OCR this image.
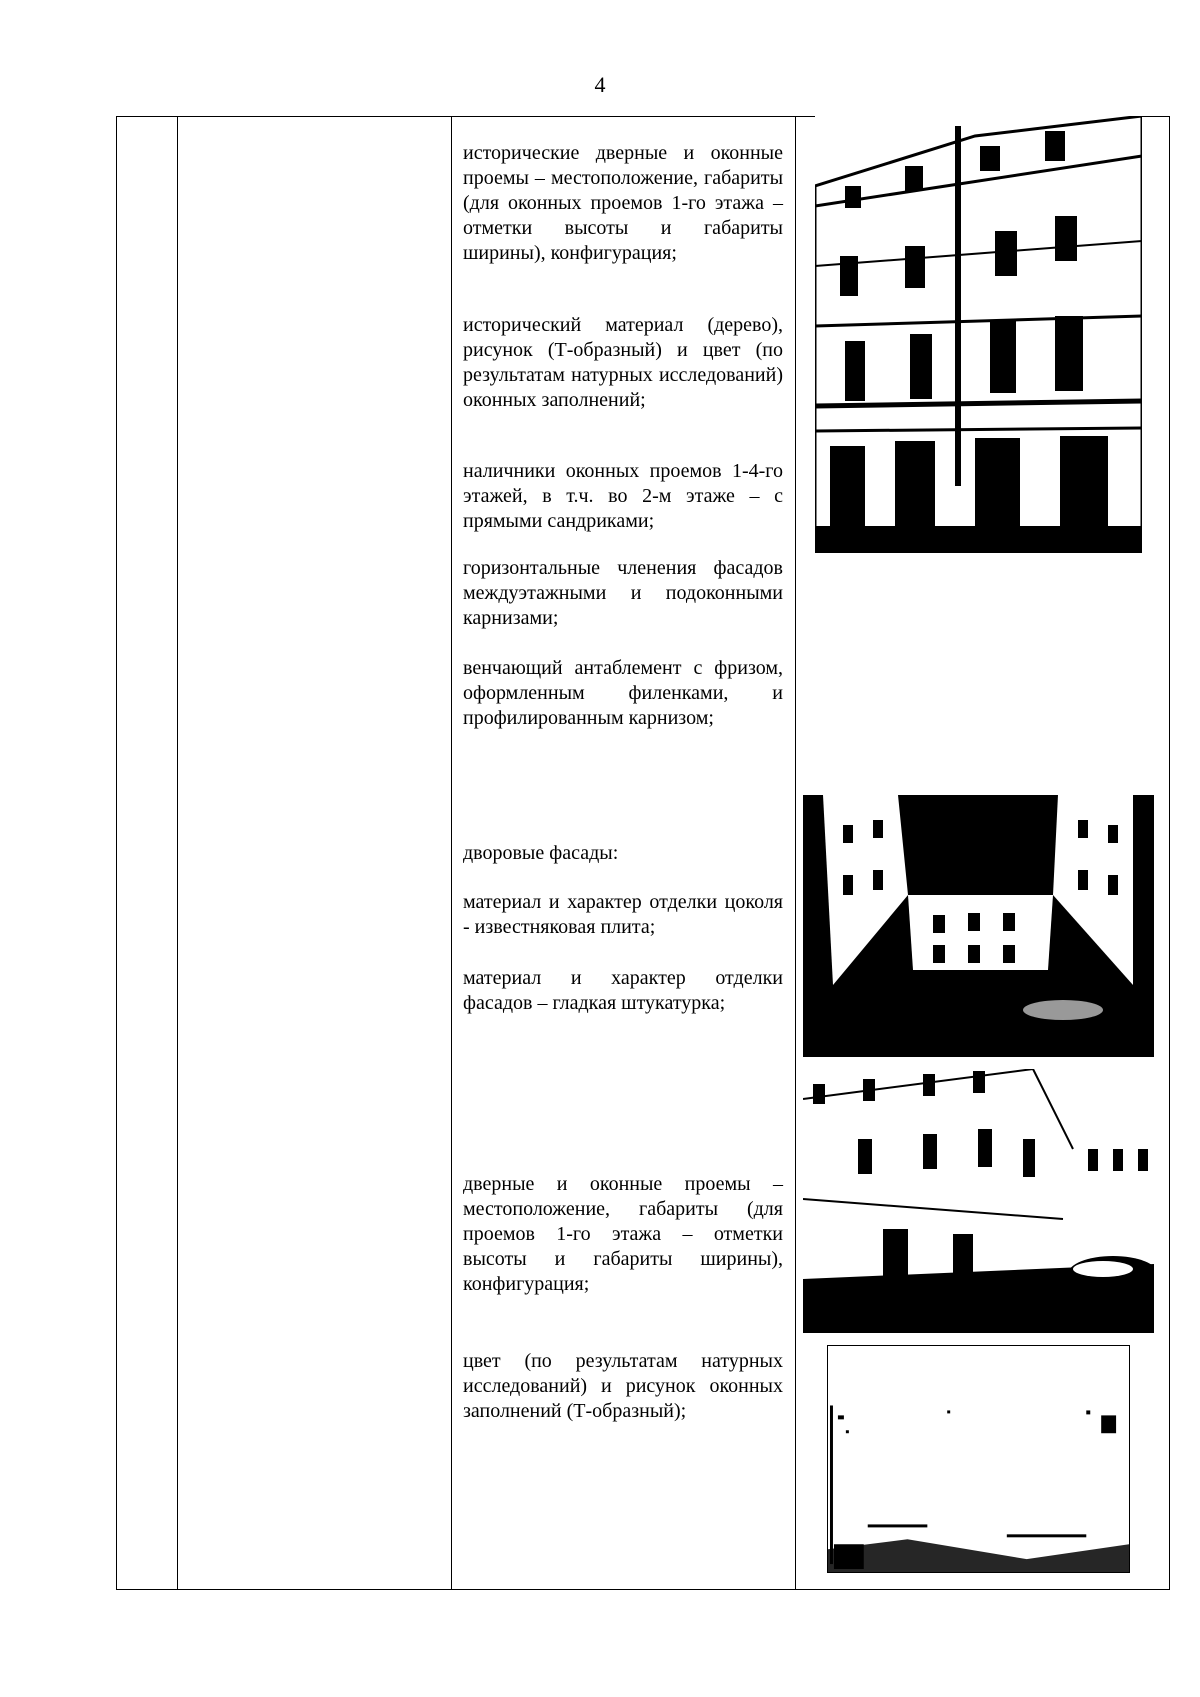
4
исторические дверные и оконные проемы – местоположение, габариты (для оконных проемов 1-го этажа – отметки высоты и габариты ширины), конфигурация;
исторический материал (дерево), рисунок (Т-образный) и цвет (по результатам натурных исследований) оконных заполнений;
наличники оконных проемов 1-4-го этажей, в т.ч. во 2-м этаже – с прямыми сандриками;
горизонтальные членения фасадов междуэтажными и подоконными карнизами;
венчающий антаблемент с фризом, оформленным филенками, и профилированным карнизом;
дворовые фасады:
материал и характер отделки цоколя - известняковая плита;
материал и характер отделки фасадов – гладкая штукатурка;
дверные и оконные проемы – местоположение, габариты (для проемов 1-го этажа – отметки высоты и габариты ширины), конфигурация;
цвет (по результатам натурных исследований) и рисунок оконных заполнений (Т-образный);
